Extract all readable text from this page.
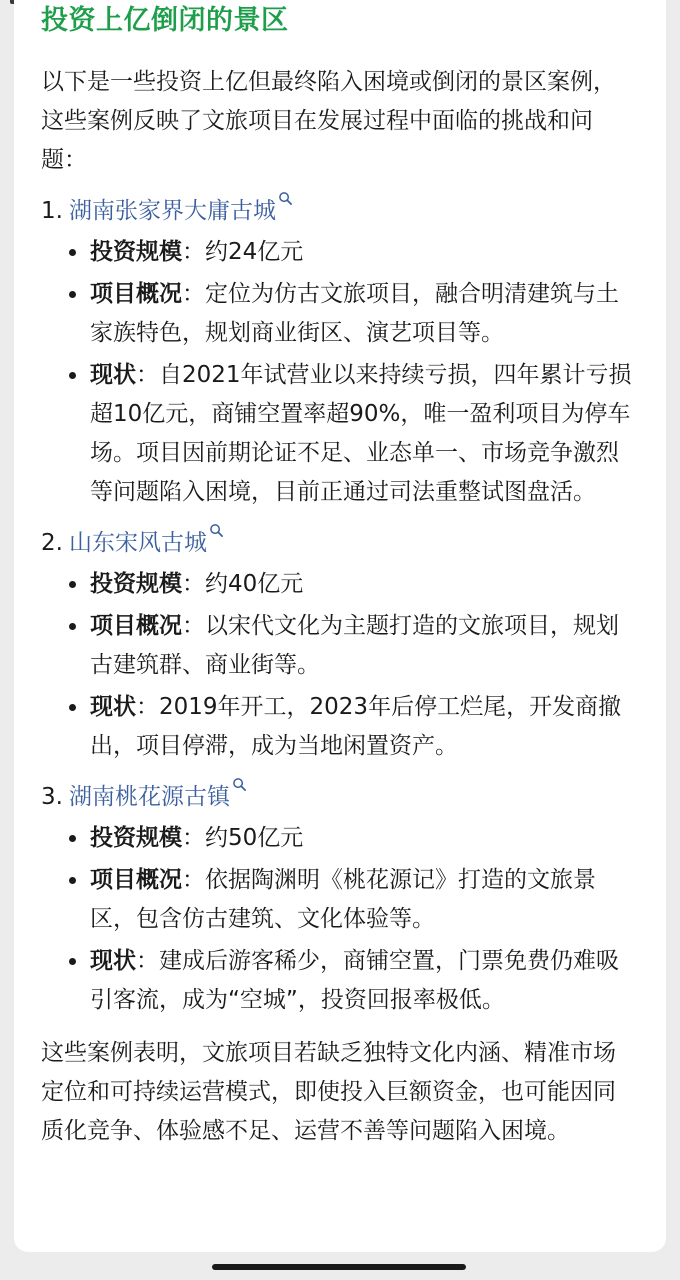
投资上亿倒闭的景区

以下是一些投资上亿但最终陷入困境或倒闭的景区案例，这些案例反映了文旅项目在发展过程中面临的挑战和问题：

1. 湖南张家界大庸古城
投资规模：约24亿元
项目概况：定位为仿古文旅项目，融合明清建筑与土家族特色，规划商业街区、演艺项目等。
现状：自2021年试营业以来持续亏损，四年累计亏损超10亿元，商铺空置率超90%，唯一盈利项目为停车场。项目因前期论证不足、业态单一、市场竞争激烈等问题陷入困境，目前正通过司法重整试图盘活。
2. 山东宋风古城
投资规模：约40亿元
项目概况：以宋代文化为主题打造的文旅项目，规划古建筑群、商业街等。
现状：2019年开工，2023年后停工烂尾，开发商撤出，项目停滞，成为当地闲置资产。
3. 湖南桃花源古镇
投资规模：约50亿元
项目概况：依据陶渊明《桃花源记》打造的文旅景区，包含仿古建筑、文化体验等。
现状：建成后游客稀少，商铺空置，门票免费仍难吸引客流，成为“空城”，投资回报率极低。

这些案例表明，文旅项目若缺乏独特文化内涵、精准市场定位和可持续运营模式，即使投入巨额资金，也可能因同质化竞争、体验感不足、运营不善等问题陷入困境。
